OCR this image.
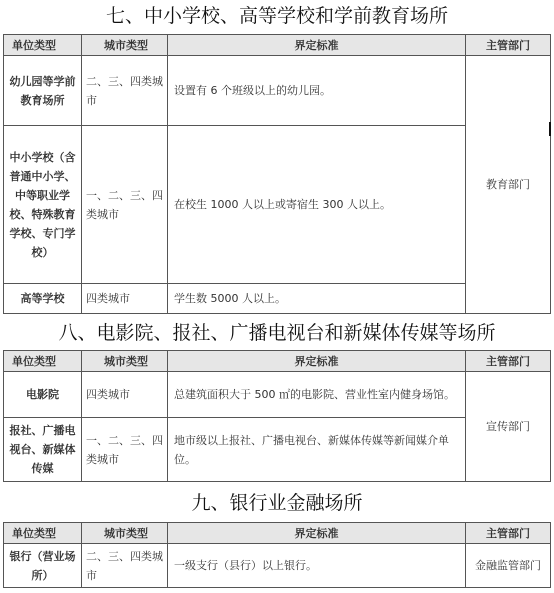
七、中小学校、高等学校和学前教育场所
单位类型	城市类型	界定标准	主管部门
幼儿园等学前教育场所	二、三、四类城市	设置有 6 个班级以上的幼儿园。	教育部门
中小学校（含普通中小学、中等职业学校、特殊教育学校、专门学校）	一、二、三、四类城市	在校生 1000 人以上或寄宿生 300 人以上。	
高等学校	四类城市	学生数 5000 人以上。	
八、电影院、报社、广播电视台和新媒体传媒等场所
单位类型	城市类型	界定标准	主管部门
电影院	四类城市	总建筑面积大于 500 ㎡的电影院、营业性室内健身场馆。	宣传部门
报社、广播电视台、新媒体传媒	一、二、三、四类城市	地市级以上报社、广播电视台、新媒体传媒等新闻媒介单位。	
九、银行业金融场所
单位类型	城市类型	界定标准	主管部门
银行（营业场所）	二、三、四类城市	一级支行（县行）以上银行。	金融监管部门
